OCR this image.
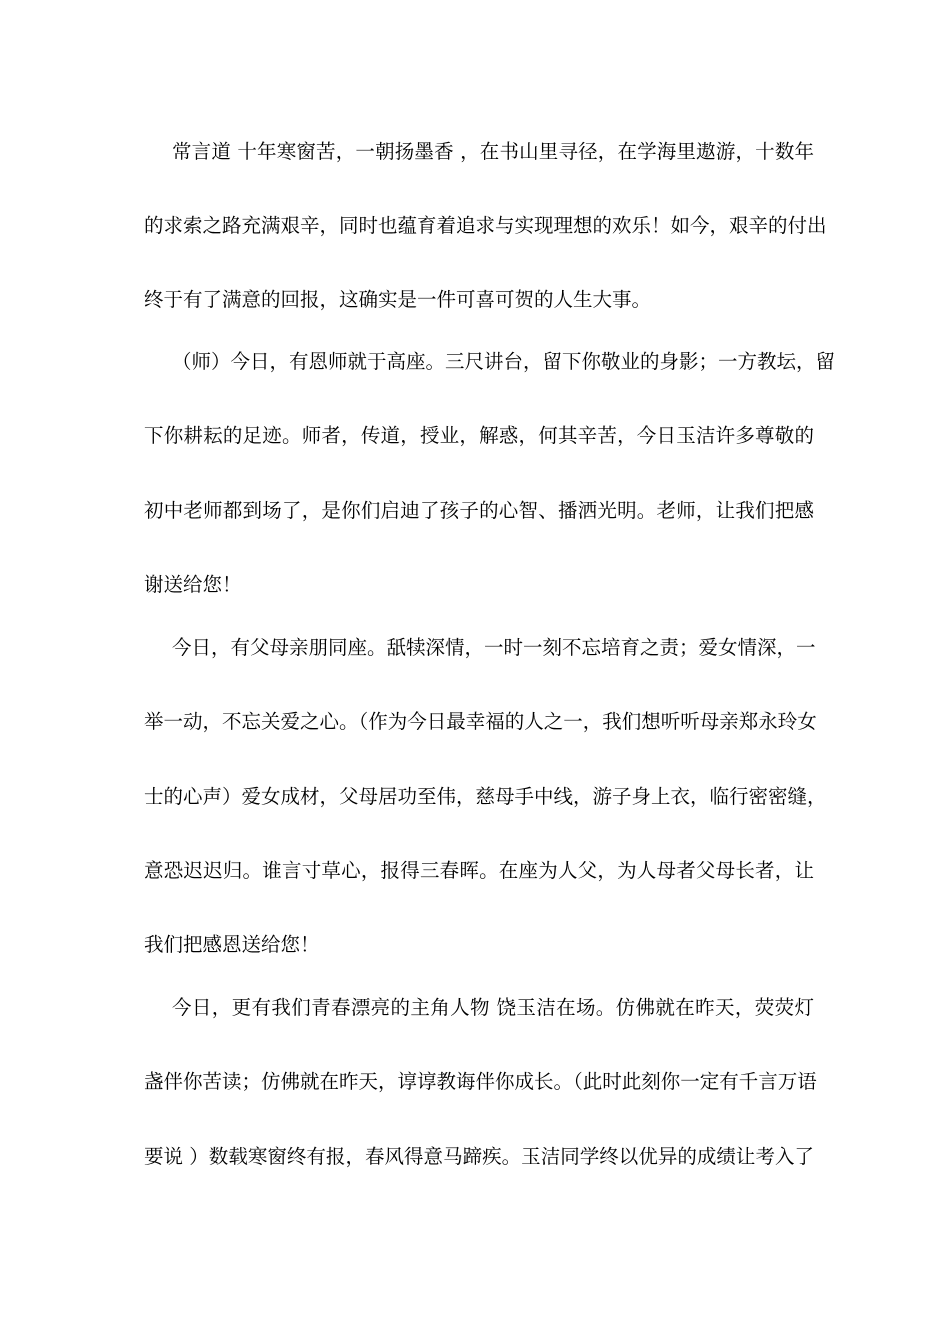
常言道 十年寒窗苦，一朝扬墨香 ，在书山里寻径，在学海里遨游，十数年
的求索之路充满艰辛，同时也蕴育着追求与实现理想的欢乐！如今，艰辛的付出
终于有了满意的回报，这确实是一件可喜可贺的人生大事。
（师）今日，有恩师就于高座。三尺讲台，留下你敬业的身影；一方教坛，留
下你耕耘的足迹。师者，传道，授业，解惑，何其辛苦，今日玉洁许多尊敬的
初中老师都到场了，是你们启迪了孩子的心智、播洒光明。老师，让我们把感
谢送给您！
今日，有父母亲朋同座。舐犊深情，一时一刻不忘培育之责；爱女情深，一
举一动，不忘关爱之心。（作为今日最幸福的人之一，我们想听听母亲郑永玲女
士的心声）爱女成材，父母居功至伟，慈母手中线，游子身上衣，临行密密缝，
意恐迟迟归。谁言寸草心，报得三春晖。在座为人父，为人母者父母长者，让
我们把感恩送给您！
今日，更有我们青春漂亮的主角人物 饶玉洁在场。仿佛就在昨天，荧荧灯
盏伴你苦读；仿佛就在昨天，谆谆教诲伴你成长。（此时此刻你一定有千言万语
要说 ）数载寒窗终有报，春风得意马蹄疾。玉洁同学终以优异的成绩让考入了
